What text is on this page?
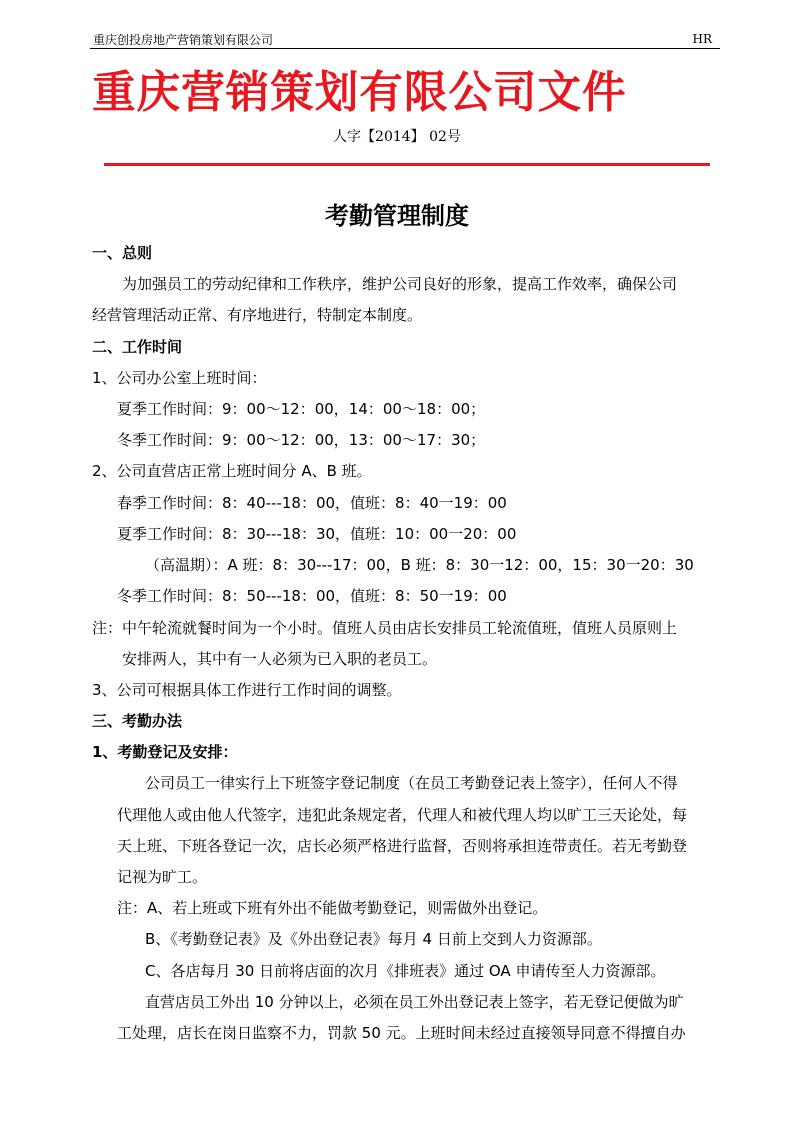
重庆创投房地产营销策划有限公司	HR
重庆营销策划有限公司文件
人字【2014】 02号
考勤管理制度
一、总则
为加强员工的劳动纪律和工作秩序，维护公司良好的形象，提高工作效率，确保公司
经营管理活动正常、有序地进行，特制定本制度。
二、工作时间
1、公司办公室上班时间：
夏季工作时间：9：00～12：00，14：00～18：00；
冬季工作时间：9：00～12：00，13：00～17：30；
2、公司直营店正常上班时间分 A、B 班。
春季工作时间：8：40---18：00，值班：8：40一19：00
夏季工作时间：8：30---18：30，值班：10：00一20：00
（高温期）：A 班：8：30---17：00，B 班：8：30一12：00，15：30一20：30
冬季工作时间：8：50---18：00，值班：8：50一19：00
注：中午轮流就餐时间为一个小时。值班人员由店长安排员工轮流值班，值班人员原则上
安排两人，其中有一人必须为已入职的老员工。
3、公司可根据具体工作进行工作时间的调整。
三、考勤办法
1、考勤登记及安排：
公司员工一律实行上下班签字登记制度（在员工考勤登记表上签字），任何人不得
代理他人或由他人代签字，违犯此条规定者，代理人和被代理人均以旷工三天论处，每
天上班、下班各登记一次，店长必须严格进行监督，否则将承担连带责任。若无考勤登
记视为旷工。
注：A、若上班或下班有外出不能做考勤登记，则需做外出登记。
B、《考勤登记表》及《外出登记表》每月 4 日前上交到人力资源部。
C、各店每月 30 日前将店面的次月《排班表》通过 OA 申请传至人力资源部。
直营店员工外出 10 分钟以上，必须在员工外出登记表上签字，若无登记便做为旷
工处理，店长在岗日监察不力，罚款 50 元。上班时间未经过直接领导同意不得擅自办
